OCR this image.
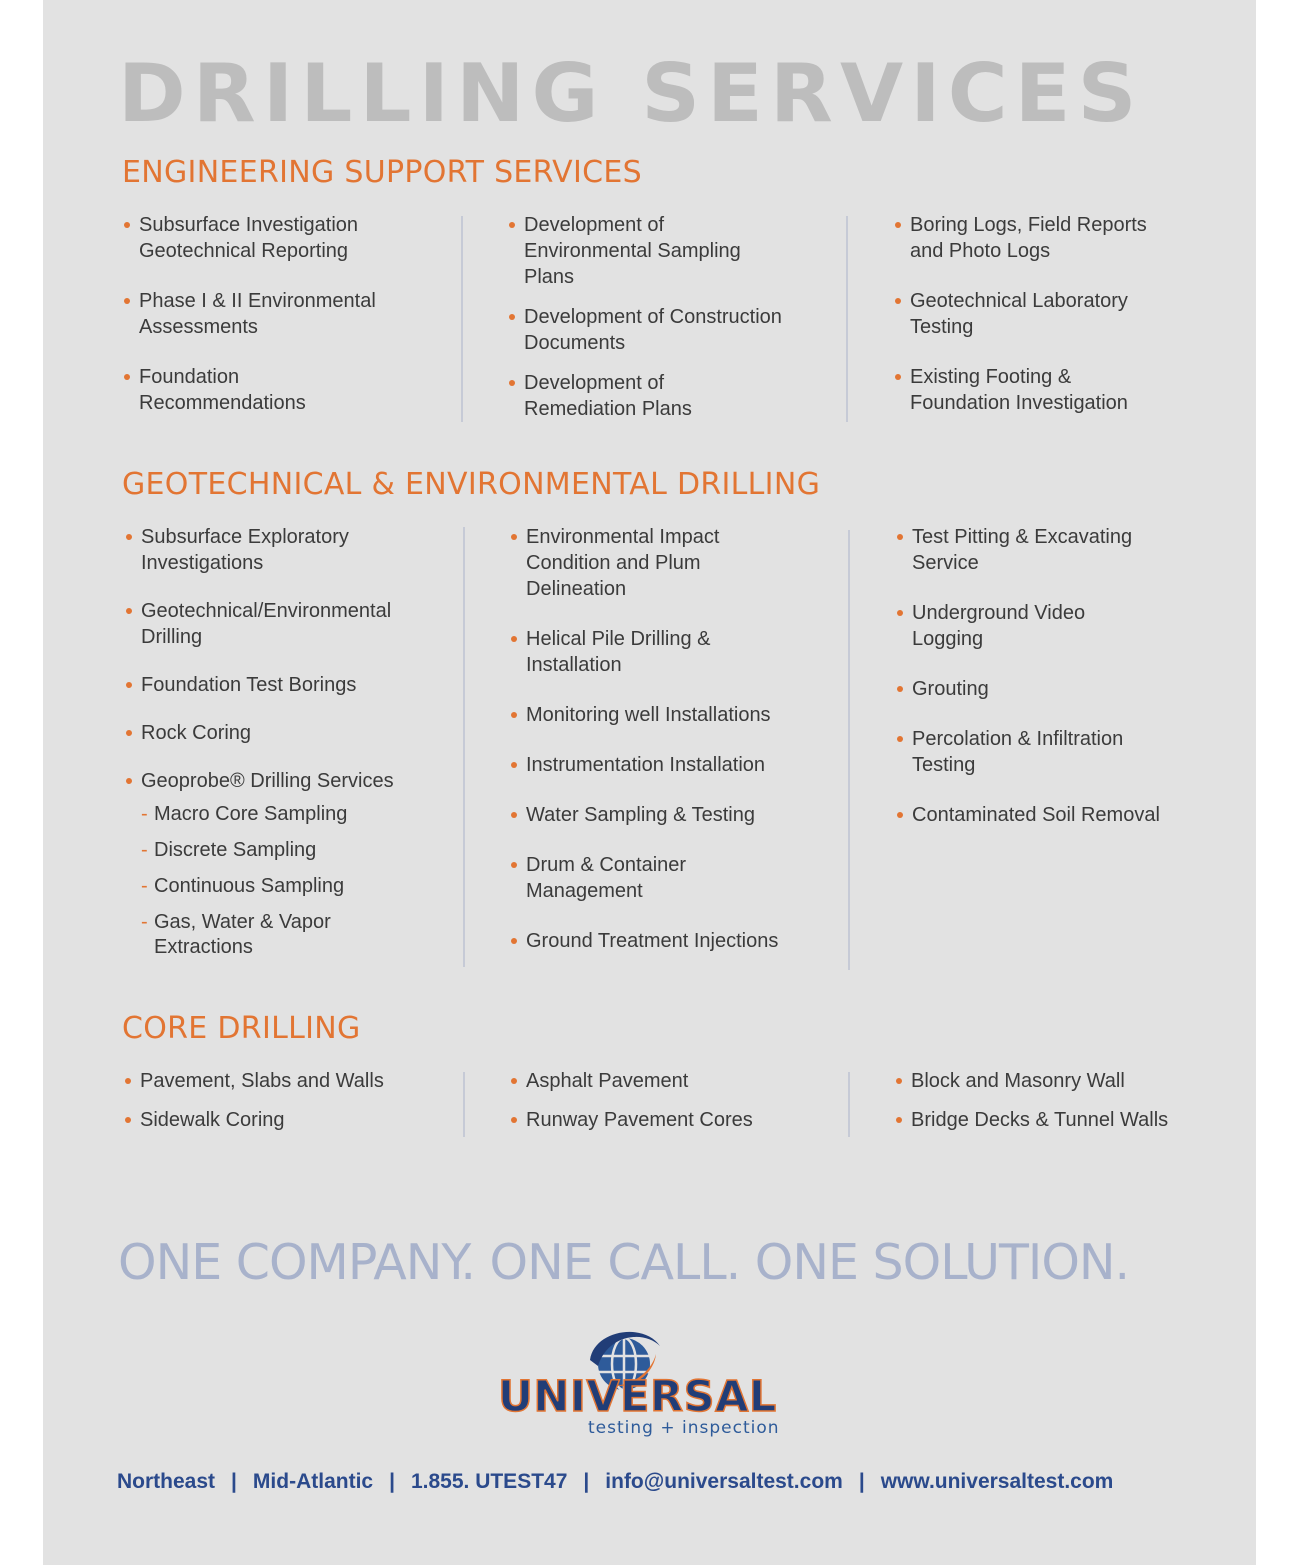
DRILLING SERVICES
ENGINEERING SUPPORT SERVICES
Subsurface Investigation Geotechnical Reporting
Phase I & II Environmental Assessments
Foundation Recommendations
Development of Environmental Sampling Plans
Development of Construction Documents
Development of Remediation Plans
Boring Logs, Field Reports and Photo Logs
Geotechnical Laboratory Testing
Existing Footing & Foundation Investigation
GEOTECHNICAL & ENVIRONMENTAL DRILLING
Subsurface Exploratory Investigations
Geotechnical/Environmental Drilling
Foundation Test Borings
Rock Coring
Geoprobe® Drilling Services
- Macro Core Sampling
- Discrete Sampling
- Continuous Sampling
- Gas, Water & Vapor Extractions
Environmental Impact Condition and Plum Delineation
Helical Pile Drilling & Installation
Monitoring well Installations
Instrumentation Installation
Water Sampling & Testing
Drum & Container Management
Ground Treatment Injections
Test Pitting & Excavating Service
Underground Video Logging
Grouting
Percolation & Infiltration Testing
Contaminated Soil Removal
CORE DRILLING
Pavement, Slabs and Walls
Sidewalk Coring
Asphalt Pavement
Runway Pavement Cores
Block and Masonry Wall
Bridge Decks & Tunnel Walls
ONE COMPANY. ONE CALL. ONE SOLUTION.
UNIVERSAL
testing + inspection
Northeast | Mid-Atlantic | 1.855. UTEST47 | info@universaltest.com | www.universaltest.com
